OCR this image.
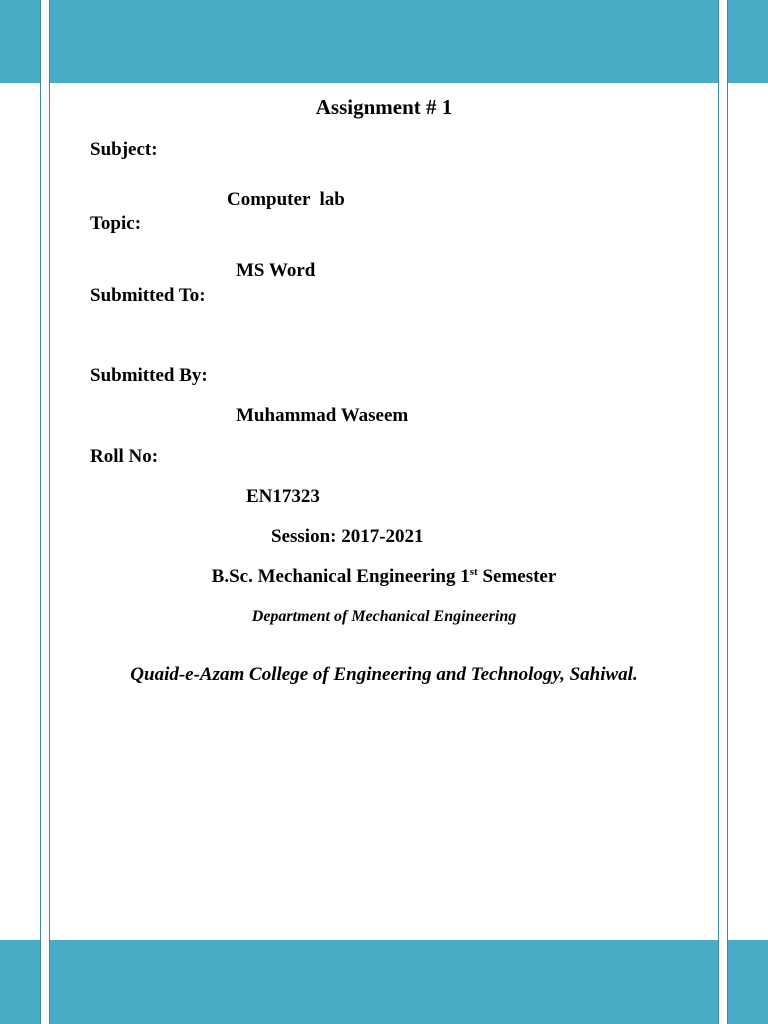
Assignment # 1
Subject:
Computer  lab
Topic:
MS Word
Submitted To:
Submitted By:
Muhammad Waseem
Roll No:
EN17323
Session: 2017-2021
B.Sc. Mechanical Engineering 1st Semester
Department of Mechanical Engineering
Quaid-e-Azam College of Engineering and Technology, Sahiwal.
